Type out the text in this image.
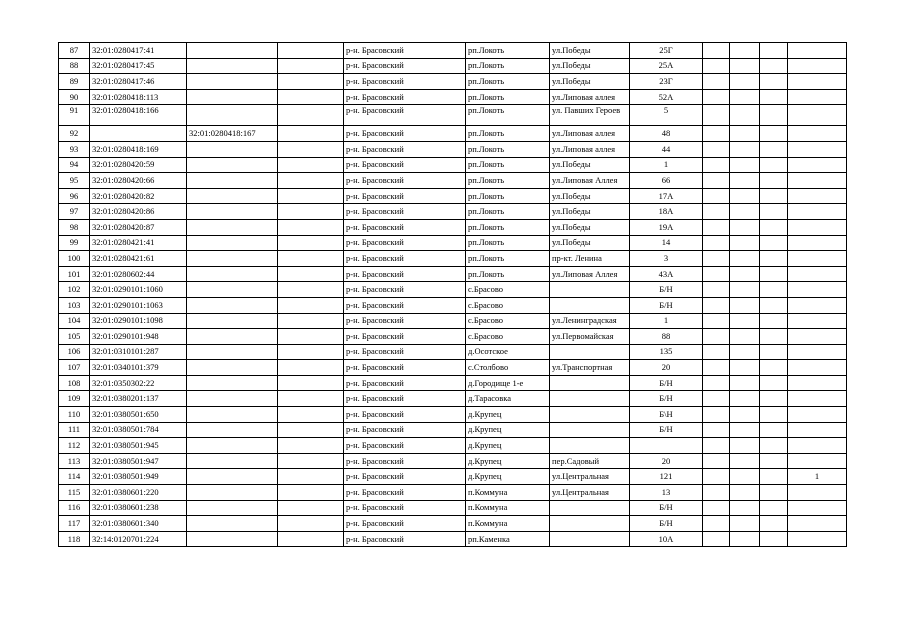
87	32:01:0280417:41			р-н. Брасовский	рп.Локоть	ул.Победы	25Г				
88	32:01:0280417:45			р-н. Брасовский	рп.Локоть	ул.Победы	25А				
89	32:01:0280417:46			р-н. Брасовский	рп.Локоть	ул.Победы	23Г				
90	32:01:0280418:113			р-н. Брасовский	рп.Локоть	ул.Липовая аллея	52А				
91	32:01:0280418:166			р-н. Брасовский	рп.Локоть	ул. Павших Героев	5				
92		32:01:0280418:167		р-н. Брасовский	рп.Локоть	ул.Липовая аллея	48				
93	32:01:0280418:169			р-н. Брасовский	рп.Локоть	ул.Липовая аллея	44				
94	32:01:0280420:59			р-н. Брасовский	рп.Локоть	ул.Победы	1				
95	32:01:0280420:66			р-н. Брасовский	рп.Локоть	ул.Липовая Аллея	66				
96	32:01:0280420:82			р-н. Брасовский	рп.Локоть	ул.Победы	17А				
97	32:01:0280420:86			р-н. Брасовский	рп.Локоть	ул.Победы	18А				
98	32:01:0280420:87			р-н. Брасовский	рп.Локоть	ул.Победы	19А				
99	32:01:0280421:41			р-н. Брасовский	рп.Локоть	ул.Победы	14				
100	32:01:0280421:61			р-н. Брасовский	рп.Локоть	пр-кт. Ленина	3				
101	32:01:0280602:44			р-н. Брасовский	рп.Локоть	ул.Липовая Аллея	43А				
102	32:01:0290101:1060			р-н. Брасовский	с.Брасово		Б/Н				
103	32:01:0290101:1063			р-н. Брасовский	с.Брасово		Б/Н				
104	32:01:0290101:1098			р-н. Брасовский	с.Брасово	ул.Ленинградская	1				
105	32:01:0290101:948			р-н. Брасовский	с.Брасово	ул.Первомайская	88				
106	32:01:0310101:287			р-н. Брасовский	д.Осотское		135				
107	32:01:0340101:379			р-н. Брасовский	с.Столбово	ул.Транспортная	20				
108	32:01:0350302:22			р-н. Брасовский	д.Городище 1-е		Б/Н				
109	32:01:0380201:137			р-н. Брасовский	д.Тарасовка		Б/Н				
110	32:01:0380501:650			р-н. Брасовский	д.Крупец		Б\Н				
111	32:01:0380501:784			р-н. Брасовский	д.Крупец		Б/Н				
112	32:01:0380501:945			р-н. Брасовский	д.Крупец						
113	32:01:0380501:947			р-н. Брасовский	д.Крупец	пер.Садовый	20				
114	32:01:0380501:949			р-н. Брасовский	д.Крупец	ул.Центральная	121				1
115	32:01:0380601:220			р-н. Брасовский	п.Коммуна	ул.Центральная	13				
116	32:01:0380601:238			р-н. Брасовский	п.Коммуна		Б/Н				
117	32:01:0380601:340			р-н. Брасовский	п.Коммуна		Б/Н				
118	32:14:0120701:224			р-н. Брасовский	рп.Каменка		10А				
